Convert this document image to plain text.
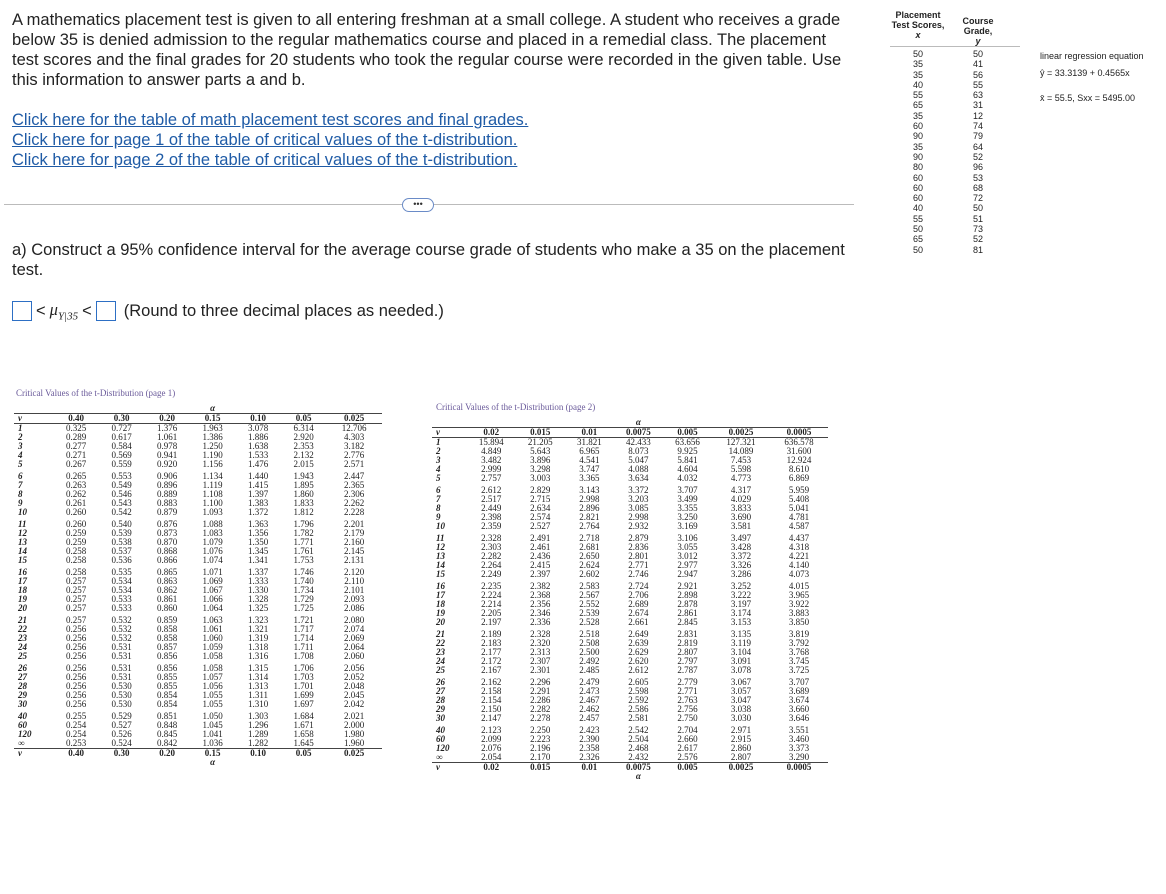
A mathematics placement test is given to all entering freshman at a small college. A student who receives a grade below 35 is denied admission to the regular mathematics course and placed in a remedial class. The placement test scores and the final grades for 20 students who took the regular course were recorded in the given table. Use this information to answer parts a and b.
Click here for the table of math placement test scores and final grades.
Click here for page 1 of the table of critical values of the t-distribution.
Click here for page 2 of the table of critical values of the t-distribution.
•••
a) Construct a 95% confidence interval for the average course grade of students who make a 35 on the placement test.
< $\mu_{Y|35}$ < (Round to three decimal places as needed.)
Placement Test Scores,
x
Course Grade,
y
50	50
35	41
35	56
40	55
55	63
65	31
35	12
60	74
90	79
35	64
90	52
80	96
60	53
60	68
60	72
40	50
55	51
50	73
65	52
50	81
linear regression equation
ŷ = 33.3139 + 0.4565x
x̄ = 55.5, Sxx = 5495.00
Critical Values of the t-Distribution (page 1)
				α			
ν	0.40	0.30	0.20	0.15	0.10	0.05	0.025
1	0.325	0.727	1.376	1.963	3.078	6.314	12.706
2	0.289	0.617	1.061	1.386	1.886	2.920	4.303
3	0.277	0.584	0.978	1.250	1.638	2.353	3.182
4	0.271	0.569	0.941	1.190	1.533	2.132	2.776
5	0.267	0.559	0.920	1.156	1.476	2.015	2.571
6	0.265	0.553	0.906	1.134	1.440	1.943	2.447
7	0.263	0.549	0.896	1.119	1.415	1.895	2.365
8	0.262	0.546	0.889	1.108	1.397	1.860	2.306
9	0.261	0.543	0.883	1.100	1.383	1.833	2.262
10	0.260	0.542	0.879	1.093	1.372	1.812	2.228
11	0.260	0.540	0.876	1.088	1.363	1.796	2.201
12	0.259	0.539	0.873	1.083	1.356	1.782	2.179
13	0.259	0.538	0.870	1.079	1.350	1.771	2.160
14	0.258	0.537	0.868	1.076	1.345	1.761	2.145
15	0.258	0.536	0.866	1.074	1.341	1.753	2.131
16	0.258	0.535	0.865	1.071	1.337	1.746	2.120
17	0.257	0.534	0.863	1.069	1.333	1.740	2.110
18	0.257	0.534	0.862	1.067	1.330	1.734	2.101
19	0.257	0.533	0.861	1.066	1.328	1.729	2.093
20	0.257	0.533	0.860	1.064	1.325	1.725	2.086
21	0.257	0.532	0.859	1.063	1.323	1.721	2.080
22	0.256	0.532	0.858	1.061	1.321	1.717	2.074
23	0.256	0.532	0.858	1.060	1.319	1.714	2.069
24	0.256	0.531	0.857	1.059	1.318	1.711	2.064
25	0.256	0.531	0.856	1.058	1.316	1.708	2.060
26	0.256	0.531	0.856	1.058	1.315	1.706	2.056
27	0.256	0.531	0.855	1.057	1.314	1.703	2.052
28	0.256	0.530	0.855	1.056	1.313	1.701	2.048
29	0.256	0.530	0.854	1.055	1.311	1.699	2.045
30	0.256	0.530	0.854	1.055	1.310	1.697	2.042
40	0.255	0.529	0.851	1.050	1.303	1.684	2.021
60	0.254	0.527	0.848	1.045	1.296	1.671	2.000
120	0.254	0.526	0.845	1.041	1.289	1.658	1.980
∞	0.253	0.524	0.842	1.036	1.282	1.645	1.960
ν	0.40	0.30	0.20	0.15	0.10	0.05	0.025
				α			
Critical Values of the t-Distribution (page 2)
				α			
ν	0.02	0.015	0.01	0.0075	0.005	0.0025	0.0005
1	15.894	21.205	31.821	42.433	63.656	127.321	636.578
2	4.849	5.643	6.965	8.073	9.925	14.089	31.600
3	3.482	3.896	4.541	5.047	5.841	7.453	12.924
4	2.999	3.298	3.747	4.088	4.604	5.598	8.610
5	2.757	3.003	3.365	3.634	4.032	4.773	6.869
6	2.612	2.829	3.143	3.372	3.707	4.317	5.959
7	2.517	2.715	2.998	3.203	3.499	4.029	5.408
8	2.449	2.634	2.896	3.085	3.355	3.833	5.041
9	2.398	2.574	2.821	2.998	3.250	3.690	4.781
10	2.359	2.527	2.764	2.932	3.169	3.581	4.587
11	2.328	2.491	2.718	2.879	3.106	3.497	4.437
12	2.303	2.461	2.681	2.836	3.055	3.428	4.318
13	2.282	2.436	2.650	2.801	3.012	3.372	4.221
14	2.264	2.415	2.624	2.771	2.977	3.326	4.140
15	2.249	2.397	2.602	2.746	2.947	3.286	4.073
16	2.235	2.382	2.583	2.724	2.921	3.252	4.015
17	2.224	2.368	2.567	2.706	2.898	3.222	3.965
18	2.214	2.356	2.552	2.689	2.878	3.197	3.922
19	2.205	2.346	2.539	2.674	2.861	3.174	3.883
20	2.197	2.336	2.528	2.661	2.845	3.153	3.850
21	2.189	2.328	2.518	2.649	2.831	3.135	3.819
22	2.183	2.320	2.508	2.639	2.819	3.119	3.792
23	2.177	2.313	2.500	2.629	2.807	3.104	3.768
24	2.172	2.307	2.492	2.620	2.797	3.091	3.745
25	2.167	2.301	2.485	2.612	2.787	3.078	3.725
26	2.162	2.296	2.479	2.605	2.779	3.067	3.707
27	2.158	2.291	2.473	2.598	2.771	3.057	3.689
28	2.154	2.286	2.467	2.592	2.763	3.047	3.674
29	2.150	2.282	2.462	2.586	2.756	3.038	3.660
30	2.147	2.278	2.457	2.581	2.750	3.030	3.646
40	2.123	2.250	2.423	2.542	2.704	2.971	3.551
60	2.099	2.223	2.390	2.504	2.660	2.915	3.460
120	2.076	2.196	2.358	2.468	2.617	2.860	3.373
∞	2.054	2.170	2.326	2.432	2.576	2.807	3.290
ν	0.02	0.015	0.01	0.0075	0.005	0.0025	0.0005
				α			
